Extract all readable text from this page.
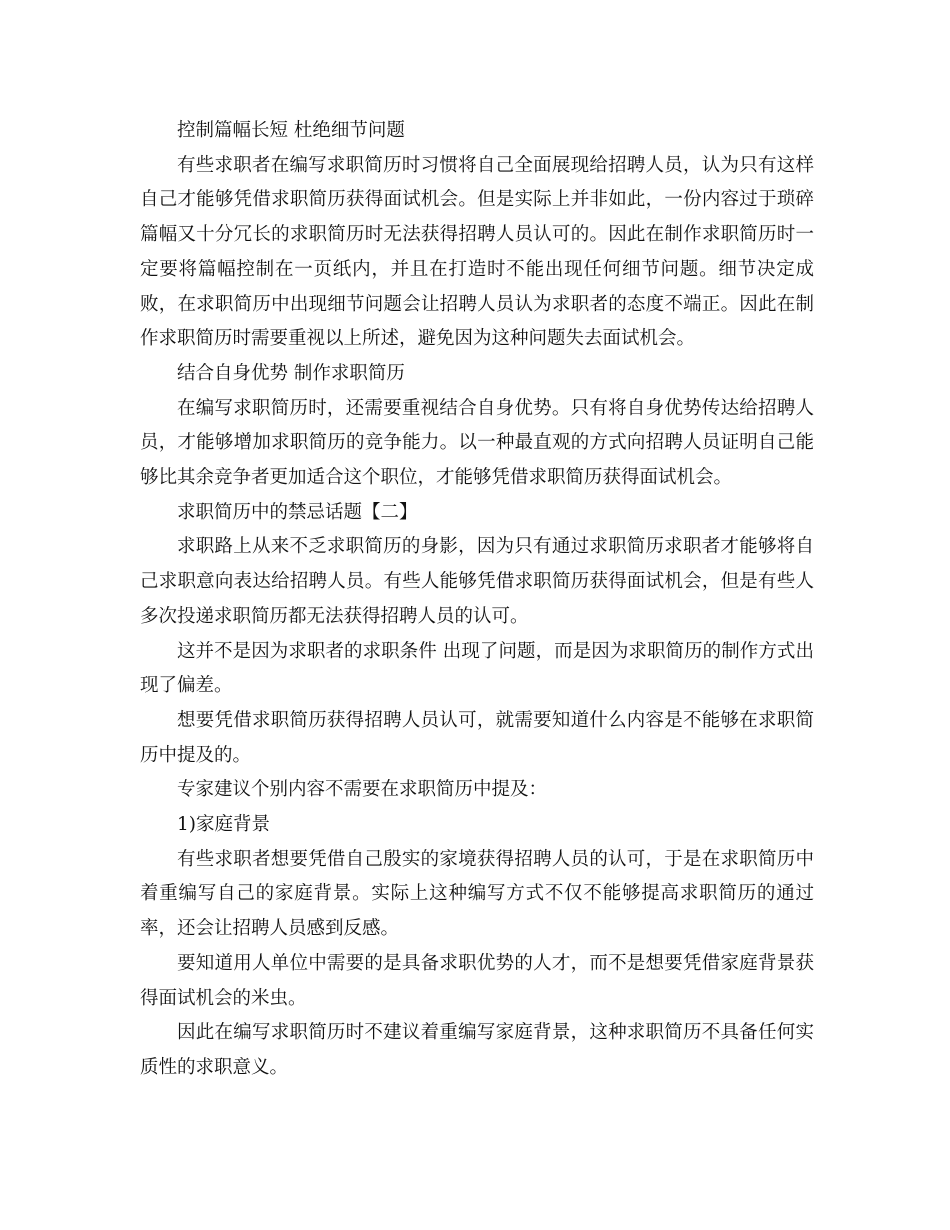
控制篇幅长短 杜绝细节问题

有些求职者在编写求职简历时习惯将自己全面展现给招聘人员，认为只有这样自己才能够凭借求职简历获得面试机会。但是实际上并非如此，一份内容过于琐碎篇幅又十分冗长的求职简历时无法获得招聘人员认可的。因此在制作求职简历时一定要将篇幅控制在一页纸内，并且在打造时不能出现任何细节问题。细节决定成败，在求职简历中出现细节问题会让招聘人员认为求职者的态度不端正。因此在制作求职简历时需要重视以上所述，避免因为这种问题失去面试机会。

结合自身优势 制作求职简历

在编写求职简历时，还需要重视结合自身优势。只有将自身优势传达给招聘人员，才能够增加求职简历的竞争能力。以一种最直观的方式向招聘人员证明自己能够比其余竞争者更加适合这个职位，才能够凭借求职简历获得面试机会。

求职简历中的禁忌话题【二】

求职路上从来不乏求职简历的身影，因为只有通过求职简历求职者才能够将自己求职意向表达给招聘人员。有些人能够凭借求职简历获得面试机会，但是有些人多次投递求职简历都无法获得招聘人员的认可。

这并不是因为求职者的求职条件 出现了问题，而是因为求职简历的制作方式出现了偏差。

想要凭借求职简历获得招聘人员认可，就需要知道什么内容是不能够在求职简历中提及的。

专家建议个别内容不需要在求职简历中提及：

1)家庭背景

有些求职者想要凭借自己殷实的家境获得招聘人员的认可，于是在求职简历中着重编写自己的家庭背景。实际上这种编写方式不仅不能够提高求职简历的通过率，还会让招聘人员感到反感。

要知道用人单位中需要的是具备求职优势的人才，而不是想要凭借家庭背景获得面试机会的米虫。

因此在编写求职简历时不建议着重编写家庭背景，这种求职简历不具备任何实质性的求职意义。
